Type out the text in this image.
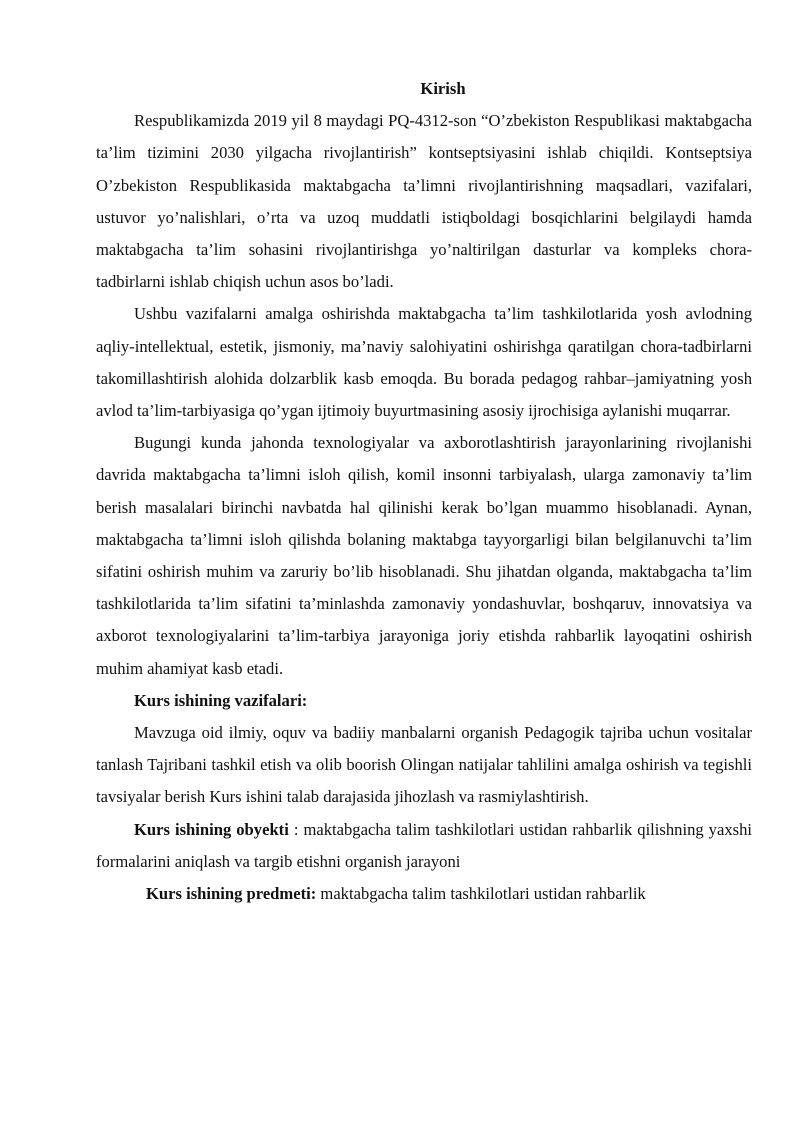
Kirish

Respublikamizda 2019 yil 8 maydagi PQ-4312-son “O’zbekiston Respublikasi maktabgacha ta’lim tizimini 2030 yilgacha rivojlantirish” kontseptsiyasini ishlab chiqildi. Kontseptsiya O’zbekiston Respublikasida maktabgacha ta’limni rivojlantirishning maqsadlari, vazifalari, ustuvor yo’nalishlari, o’rta va uzoq muddatli istiqboldagi bosqichlarini belgilaydi hamda maktabgacha ta’lim sohasini rivojlantirishga yo’naltirilgan dasturlar va kompleks chora-tadbirlarni ishlab chiqish uchun asos bo’ladi.

Ushbu vazifalarni amalga oshirishda maktabgacha ta’lim tashkilotlarida yosh avlodning aqliy-intellektual, estetik, jismoniy, ma’naviy salohiyatini oshirishga qaratilgan chora-tadbirlarni takomillashtirish alohida dolzarblik kasb emoqda. Bu borada pedagog rahbar–jamiyatning yosh avlod ta’lim-tarbiyasiga qo’ygan ijtimoiy buyurtmasining asosiy ijrochisiga aylanishi muqarrar.

Bugungi kunda jahonda texnologiyalar va axborotlashtirish jarayonlarining rivojlanishi davrida maktabgacha ta’limni isloh qilish, komil insonni tarbiyalash, ularga zamonaviy ta’lim berish masalalari birinchi navbatda hal qilinishi kerak bo’lgan muammo hisoblanadi. Aynan, maktabgacha ta’limni isloh qilishda bolaning maktabga tayyorgarligi bilan belgilanuvchi ta’lim sifatini oshirish muhim va zaruriy bo’lib hisoblanadi. Shu jihatdan olganda, maktabgacha ta’lim tashkilotlarida ta’lim sifatini ta’minlashda zamonaviy yondashuvlar, boshqaruv, innovatsiya va axborot texnologiyalarini ta’lim-tarbiya jarayoniga joriy etishda rahbarlik layoqatini oshirish muhim ahamiyat kasb etadi.

Kurs ishining vazifalari:

Mavzuga oid ilmiy, oquv va badiiy manbalarni organish Pedagogik tajriba uchun vositalar tanlash Tajribani tashkil etish va olib boorish Olingan natijalar tahlilini amalga oshirish va tegishli tavsiyalar berish Kurs ishini talab darajasida jihozlash va rasmiylashtirish.

Kurs ishining obyekti : maktabgacha talim tashkilotlari ustidan rahbarlik qilishning yaxshi formalarini aniqlash va targib etishni organish jarayoni

Kurs ishining predmeti: maktabgacha talim tashkilotlari ustidan rahbarlik
